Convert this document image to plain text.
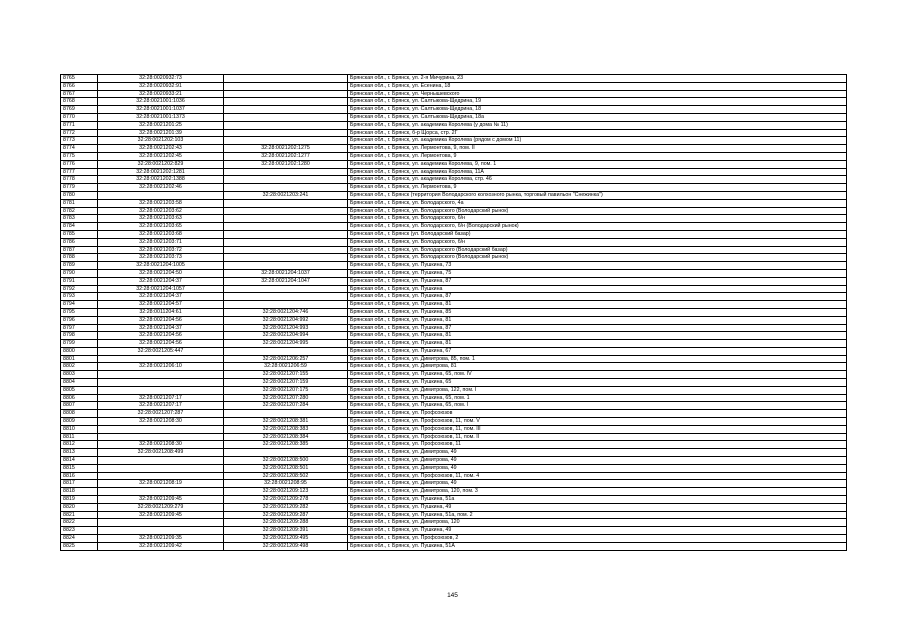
8765	32:28:0020932:73		Брянская обл., г. Брянск, ул. 2-я Мичурина, 23
8766	32:28:0020932:91		Брянская обл., г. Брянск, ул. Есенина, 18
8767	32:28:0020933:21		Брянская обл., г. Брянск, ул. Чернышевского
8768	32:28:0021001:1036		Брянская обл., г. Брянск, ул. Салтыкова-Щедрина, 19
8769	32:28:0021001:1037		Брянская обл., г. Брянск, ул. Салтыкова-Щедрина, 18
8770	32:28:0021001:1373		Брянская обл., г. Брянск, ул. Салтыкова-Щедрина, 18а
8771	32:28:0021201:25		Брянская обл., г. Брянск, ул. академика Королева (у дома № 11)
8772	32:28:0021201:39		Брянская обл., г. Брянск, б-р Щорса, стр. 2Г
8773	32:28:0021202:103		Брянская обл., г. Брянск, ул. академика Королева (рядом с домом 11)
8774	32:28:0021202:43	32:28:0021202:1275	Брянская обл., г. Брянск, ул. Лермонтова, 9, пом. II
8775	32:28:0021202:45	32:28:0021202:1277	Брянская обл., г. Брянск, ул. Лермонтова, 9
8776	32:28:0021202:829	32:28:0021202:1280	Брянская обл., г. Брянск, ул. академика Королева, 9, пом. 1
8777	32:28:0021202:1281		Брянская обл., г. Брянск, ул. академика Королева, 11А
8778	32:28:0021202:1388		Брянская обл., г. Брянск, ул. академика Королева, стр. 46
8779	32:28:0021202:46		Брянская обл., г. Брянск, ул. Лермонтова, 9
8780		32:28:0021203:241	Брянская обл., г. Брянск (территория Володарского колхозного рынка, торговый павильон "Снежинка")
8781	32:28:0021203:58		Брянская обл., г. Брянск, ул. Володарского, 4а
8782	32:28:0021203:62		Брянская обл., г. Брянск, ул. Володарского (Володарский рынок)
8783	32:28:0021203:63		Брянская обл., г. Брянск, ул. Володарского, б/н
8784	32:28:0021203:65		Брянская обл., г. Брянск, ул. Володарского, б/н (Володарский рынок)
8785	32:28:0021203:68		Брянская обл., г. Брянск (ул. Володарский базар)
8786	32:28:0021203:71		Брянская обл., г. Брянск, ул. Володарского, б/н
8787	32:28:0021203:72		Брянская обл., г. Брянск, ул. Володарского (Володарский базар)
8788	32:28:0021203:73		Брянская обл., г. Брянск, ул. Володарского (Володарский рынок)
8789	32:28:0021204:1005		Брянская обл., г. Брянск, ул. Пушкина, 73
8790	32:28:0021204:50	32:28:0021204:1037	Брянская обл., г. Брянск, ул. Пушкина, 75
8791	32:28:0021204:37	32:28:0021204:1047	Брянская обл., г. Брянск, ул. Пушкина, 87
8792	32:28:0021204:1057		Брянская обл., г. Брянск, ул. Пушкина
8793	32:28:0021204:37		Брянская обл., г. Брянск, ул. Пушкина, 87
8794	32:28:0021204:57		Брянская обл., г. Брянск, ул. Пушкина, 81
8795	32:28:0011204:61	32:28:0021204:746	Брянская обл., г. Брянск, ул. Пушкина, 85
8796	32:28:0021204:56	32:28:0021204:992	Брянская обл., г. Брянск, ул. Пушкина, 81
8797	32:28:0021204:37	32:28:0021204:993	Брянская обл., г. Брянск, ул. Пушкина, 87
8798	32:28:0021204:56	32:28:0021204:994	Брянская обл., г. Брянск, ул. Пушкина, 81
8799	32:28:0021204:56	32:28:0021204:995	Брянская обл., г. Брянск, ул. Пушкина, 81
8800	32:28:0021205:447		Брянская обл., г. Брянск, ул. Пушкина, 67
8801		32:28:0021206:257	Брянская обл., г. Брянск, ул. Димитрова, 85, пом. 1
8802	32:28:0021206:10	32:28:0021206:59	Брянская обл., г. Брянск, ул. Димитрова, 81
8803		32:28:0021207:155	Брянская обл., г. Брянск, ул. Пушкина, 65, пом. IV
8804		32:28:0021207:159	Брянская обл., г. Брянск, ул. Пушкина, 65
8805		32:28:0021207:175	Брянская обл., г. Брянск, ул. Димитрова, 122, пом. I
8806	32:28:0021207:17	32:28:0021207:280	Брянская обл., г. Брянск, ул. Пушкина, 65, пом. 1
8807	32:28:0021207:17	32:28:0021207:284	Брянская обл., г. Брянск, ул. Пушкина, 65, пом. I
8808	32:28:0021207:287		Брянская обл., г. Брянск, ул. Профсоюзов
8809	32:28:0021208:30	32:28:0021208:381	Брянская обл., г. Брянск, ул. Профсоюзов, 11, пом. V
8810		32:28:0021208:383	Брянская обл., г. Брянск, ул. Профсоюзов, 11, пом. III
8811		32:28:0021208:384	Брянская обл., г. Брянск, ул. Профсоюзов, 11, пом. II
8812	32:28:0021208:30	32:28:0021208:385	Брянская обл., г. Брянск, ул. Профсоюзов, 11
8813	32:28:0021208:499		Брянская обл., г. Брянск, ул. Димитрова, 49
8814		32:28:0021208:500	Брянская обл., г. Брянск, ул. Димитрова, 49
8815		32:28:0021208:501	Брянская обл., г. Брянск, ул. Димитрова, 49
8816		32:28:0021208:502	Брянская обл., г. Брянск, ул. Профсоюзов, 11, пом. 4
8817	32:28:0021208:19	32:28:0021208:95	Брянская обл., г. Брянск, ул. Димитрова, 49
8818		32:28:0021209:123	Брянская обл., г. Брянск, ул. Димитрова, 120, пом. 3
8819	32:28:0021209:45	32:28:0021209:278	Брянская обл., г. Брянск, ул. Пушкина, 51а
8820	32:28:0021209:279	32:28:0021209:282	Брянская обл., г. Брянск, ул. Пушкина, 49
8821	32:28:0021209:45	32:28:0021209:287	Брянская обл., г. Брянск, ул. Пушкина, 51а, пом. 2
8822		32:28:0021209:288	Брянская обл., г. Брянск, ул. Димитрова, 120
8823		32:28:0021209:391	Брянская обл., г. Брянск, ул. Пушкина, 49
8824	32:28:0021209:35	32:28:0021209:495	Брянская обл., г. Брянск, ул. Профсоюзов, 2
8825	32:28:0021209:42	32:28:0021209:498	Брянская обл., г. Брянск, ул. Пушкина, 51А
145
